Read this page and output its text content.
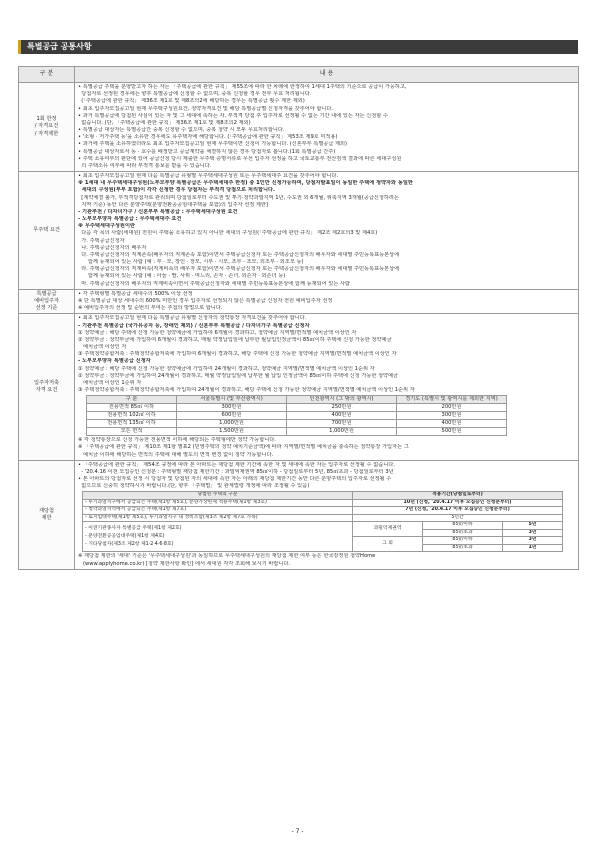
특별공급 공통사항
구 분	내 용
1회 한정
/ 자격요건
/ 자격제한	
• 특별공급 주택을 분양받고자 하는 자는 「주택공급에 관한 규칙」 제55조에 따라 한 차례에 한정하여 1세대 1주택의 기준으로 공급이 가능하고,
당첨자로 선정된 경우에는 향후 특별공급에 신청할 수 없으며, 중복 신청할 경우 전부 무효 처리됩니다.
(「주택공급에 관한 규칙」 제36조 제1호 및 제8조의2에 해당하는 경우는 특별공급 횟수 제한 제외)
• 최초 입주자모집공고일 현재 무주택구성원요건, 청약자격요건 및 해당 특별공급별 신청자격을 갖추어야 합니다.
• 과거 특별공급에 당첨된 사실이 있는 자 및 그 세대에 속하는 자, 부적격 당첨 후 입주자로 선정될 수 없는 기간 내에 있는 자는 신청할 수
없습니다. (단, 「주택공급에 관한 규칙」 제36조 제1호 및 제8조의2 제외)
• 특별공급 대상자는 특별공급간 중복 신청할 수 없으며, 중복 청약 시 모두 무효처리합니다.
• '소형 · 저가주택 등'을 소유한 경우에도 유주택자에 해당합니다. (「주택공급에 관한 규칙」 제53조 제9호 미적용)
• 과거에 주택을 소유하였더라도 최초 입주자모집공고일 현재 무주택이면 신청이 가능합니다. (신혼부부 특별공급 제외)
• 특별공급 대상자로서 동 · 호수를 배정받고 공급계약을 체결하지 않은 경우 당첨자로 봅니다.(1회 특별공급 간주)
• 주택 소유여부의 판단에 있어 공급신청 당시 제출한 무주택 증명서류로 우선 입주자 선정을 하고 국토교통부 전산검색 결과에 따른 세대구성원
의 주택소유 여부에 따라 부적격 통보를 받을 수 있습니다.

무주택 요건	
• 최초 입주자모집공고일 현재 다음 특별공급 유형별 무주택세대구성원 또는 무주택세대주 요건을 갖추어야 합니다.
※ 1세대 내 무주택세대구성원(노부모부양 특별공급은 무주택세대주 한정) 중 1인만 신청가능하며, 당첨자발표일이 동일한 주택에 청약자와 동일한
세대의 구성원(부부 포함)이 각각 신청한 경우 당첨자는 부적격 당첨으로 처리합니다.
[계약체결 불가, 부적격당첨자로 관리되며 당첨일로부터 수도권 및 투기·청약과열지역 1년, 수도권 외 6개월, 위축지역 3개월(공급신청하려는
지역 기준) 동안 다른 분양주택(분양전환공공임대주택을 포함)의 입주자 선정 제한]
- 기관추천 / 다자녀가구 / 신혼부부 특별공급 : 무주택세대구성원 요건
- 노부모부양자 특별공급 : 무주택세대주 요건
※ 무주택세대구성원이란
다음 각 목의 사람(세대원) 전원이 주택을 소유하고 있지 아니한 세대의 구성원(「주택공급에 관한 규칙」 제2조 제2호의3 및 제4호)
가. 주택공급신청자
나. 주택공급신청자의 배우자
다. 주택공급신청자의 직계존속(배우자의 직계존속 포함)이면서 주택공급신청자 또는 주택공급신청자의 배우자와 세대별 주민등록표등본상에
함께 등재되어 있는 사람 (예 : 부 · 모, 장인 · 장모, 시부 · 시모, 조부 · 조모, 외조부 · 외조모 등)
라. 주택공급신청자의 직계비속(직계비속의 배우자 포함)이면서 주택공급신청자 또는 주택공급신청자의 배우자와 세대별 주민등록표등본상에
함께 등재되어 있는 사람 (예 : 아들 · 딸, 사위 · 며느리, 손자 · 손녀, 외손자 · 외손녀 등)
마. 주택공급신청자의 배우자의 직계비속이면서 주택공급신청자와 세대별 주민등록표등본상에 함께 등재되어 있는 사람

특별공급
예비입주자
선정 기준	
• 각 주택형별 특별공급 세대수의 500% 이상 선정
※ 단 특별공급 대상 세대수의 600% 미만인 경우 입주자로 선정되지 않은 특별공급 신청자 전원 예비입주자 선정
※ 예비입주자의 선정 및 순번의 부여는 추첨의 방법으로 합니다.

입주자저축
자격 요건	
• 최초 입주자모집공고일 현재 다음 특별공급 유형별 신청자의 청약통장 자격요건을 갖추어야 합니다.
- 기관추천 특별공급 (국가유공자 등, 장애인 제외) / 신혼부부 특별공급 / 다자녀가구 특별공급 신청자
① 청약예금 : 해당 주택에 신청 가능한 청약예금에 가입하여 6개월이 경과하고, 청약예금 지역별/면적별 예치금액 이상인 자
② 청약부금 : 청약부금에 가입하여 6개월이 경과하고, 매월 약정납입일에 납부한 월납입인정금액이 85㎡이하 주택에 신청 가능한 청약예금
예치금액 이상인 자
③ 주택청약종합저축 : 주택청약종합저축에 가입하여 6개월이 경과하고, 해당 주택에 신청 가능한 청약예금 지역별/면적별 예치금액 이상인 자
- 노부모부양자 특별공급 신청자
① 청약예금 : 해당 주택에 신청 가능한 청약예금에 가입하여 24개월이 경과하고, 청약예금 지역별/면적별 예치금액 이상인 1순위 자
② 청약부금 : 청약부금에 가입하여 24개월이 경과하고, 매월 약정납입일에 납부한 월 납입 인정금액이 85㎡이하 주택에 신청 가능한 청약예금
예치금액 이상인 1순위 자
③ 주택청약종합저축 : 주택청약종합저축에 가입하여 24개월이 경과하고, 해당 주택에 신청 가능한 청약예금 지역별/면적별 예치금액 이상인 1순위 자
구 분	서울특별시 (및 부산광역시)	인천광역시 (그 밖의 광역시)	경기도 (특별시 및 광역시를 제외한 지역)
전용면적 85㎡ 이하	300만원	250만원	200만원
전용면적 102㎡ 이하	600만원	400만원	300만원
전용면적 135㎡ 이하	1,000만원	700만원	400만원
모든 면적	1,500만원	1,000만원	500만원
※ 각 청약통장으로 신청 가능한 전용면적 이하에 해당되는 주택형에만 청약 가능합니다.
※ 「주택공급에 관한 규칙」 제10조 제1항 별표2 (민영주택의 청약 예치기준금액)에 따라 지역별/면적별 예치금을 충족하는 청약통장 가입자는 그
예치금 이하에 해당하는 면적의 주택에 대해 별도의 면적 변경 없이 청약 가능합니다.

재당첨
제한	
• 「주택공급에 관한 규칙」 제54조 규정에 따라 본 아파트는 재당첨 제한 기간에 속한 자 및 세대에 속한 자는 입주자로 선정될 수 없습니다.
- '20.4.16 이전 모집승인 신청분 : 주택형별 재당첨 제한기간 : 과밀억제권역 85㎡이하 - 당첨일로부터 5년, 85㎡초과 - 당첨일로부터 3년
• 본 아파트의 당첨자로 선정 시 당첨자 및 당첨된 자의 세대에 속한 자는 아래의 재당첨 제한기간 동안 다른 분양주택의 입주자로 선정될 수
없으므로 신중히 청약하시기 바랍니다.(단, 향후 「주택법」 및 관계법령 개정에 따라 조정될 수 있음)
당첨된 주택의 구분	적용기간(당첨일로부터)
- 투기과열지구에서 공급되는 주택(제1항 제5호), 분양가상한제 적용주택(제1항 제3호)	10년 (신청, '20.4.17 이후 모집승인 신청분부터)
- 청약과열지역에서 공급되는 주택(제1항 제7호)	7년 (신청, '20.4.17 이후 모집승인 신청분부터)
- 토지임대주택(제1항 제5호), 투기과열지구 내 정비조합(제3조 제2항 제7호 가목)	5년간

- 이전기관종사자 특별공급 주택(제1항 제2호)
- 분양전환공공임대주택(제1항 제4호)
- 기타당첨자(제3조 제2항 제1·2·4·6·8호)
	과밀억제권역	85㎡이하	5년
85㎡초과	3년
그 외	85㎡이하	3년
85㎡초과	1년
※ 재당첨 제한의 '세대' 기준은 '무주택세대구성원'과 동일하므로 무주택세대구성원의 재당첨 제한 여부 등은 한국감정원 청약Home
(www.applyhome.co.kr) [청약 제한사항 확인] 에서 세대원 각각 조회해 보시기 바랍니다.
- 7 -
